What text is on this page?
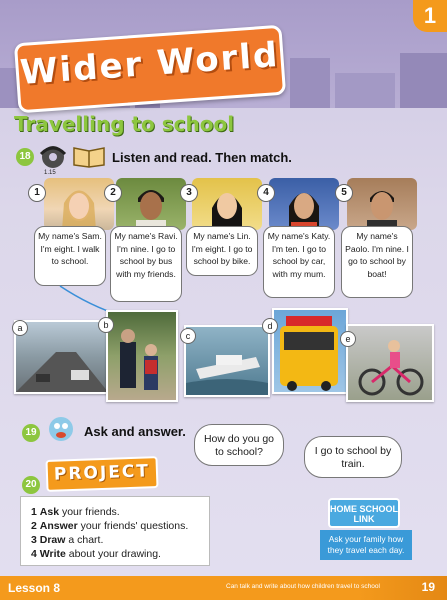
Wider World
1
Travelling to school
18
1.15
Listen and read. Then match.
1
My name's Sam. I'm eight. I walk to school.
2
My name's Ravi. I'm nine. I go to school by bus with my friends.
3
My name's Lin. I'm eight. I go to school by bike.
4
My name's Katy. I'm ten. I go to school by car, with my mum.
5
My name's Paolo. I'm nine. I go to school by boat!
a	b
c
d
e
19	Ask and answer.	How do you go to school?	I go to school by train.
20	PROJECT
1 Ask your friends.
2 Answer your friends' questions.
3 Draw a chart.
4 Write about your drawing.
HOME SCHOOL LINK
Ask your family how they travel each day.
Lesson 8	Can talk and write about how children travel to school	19
